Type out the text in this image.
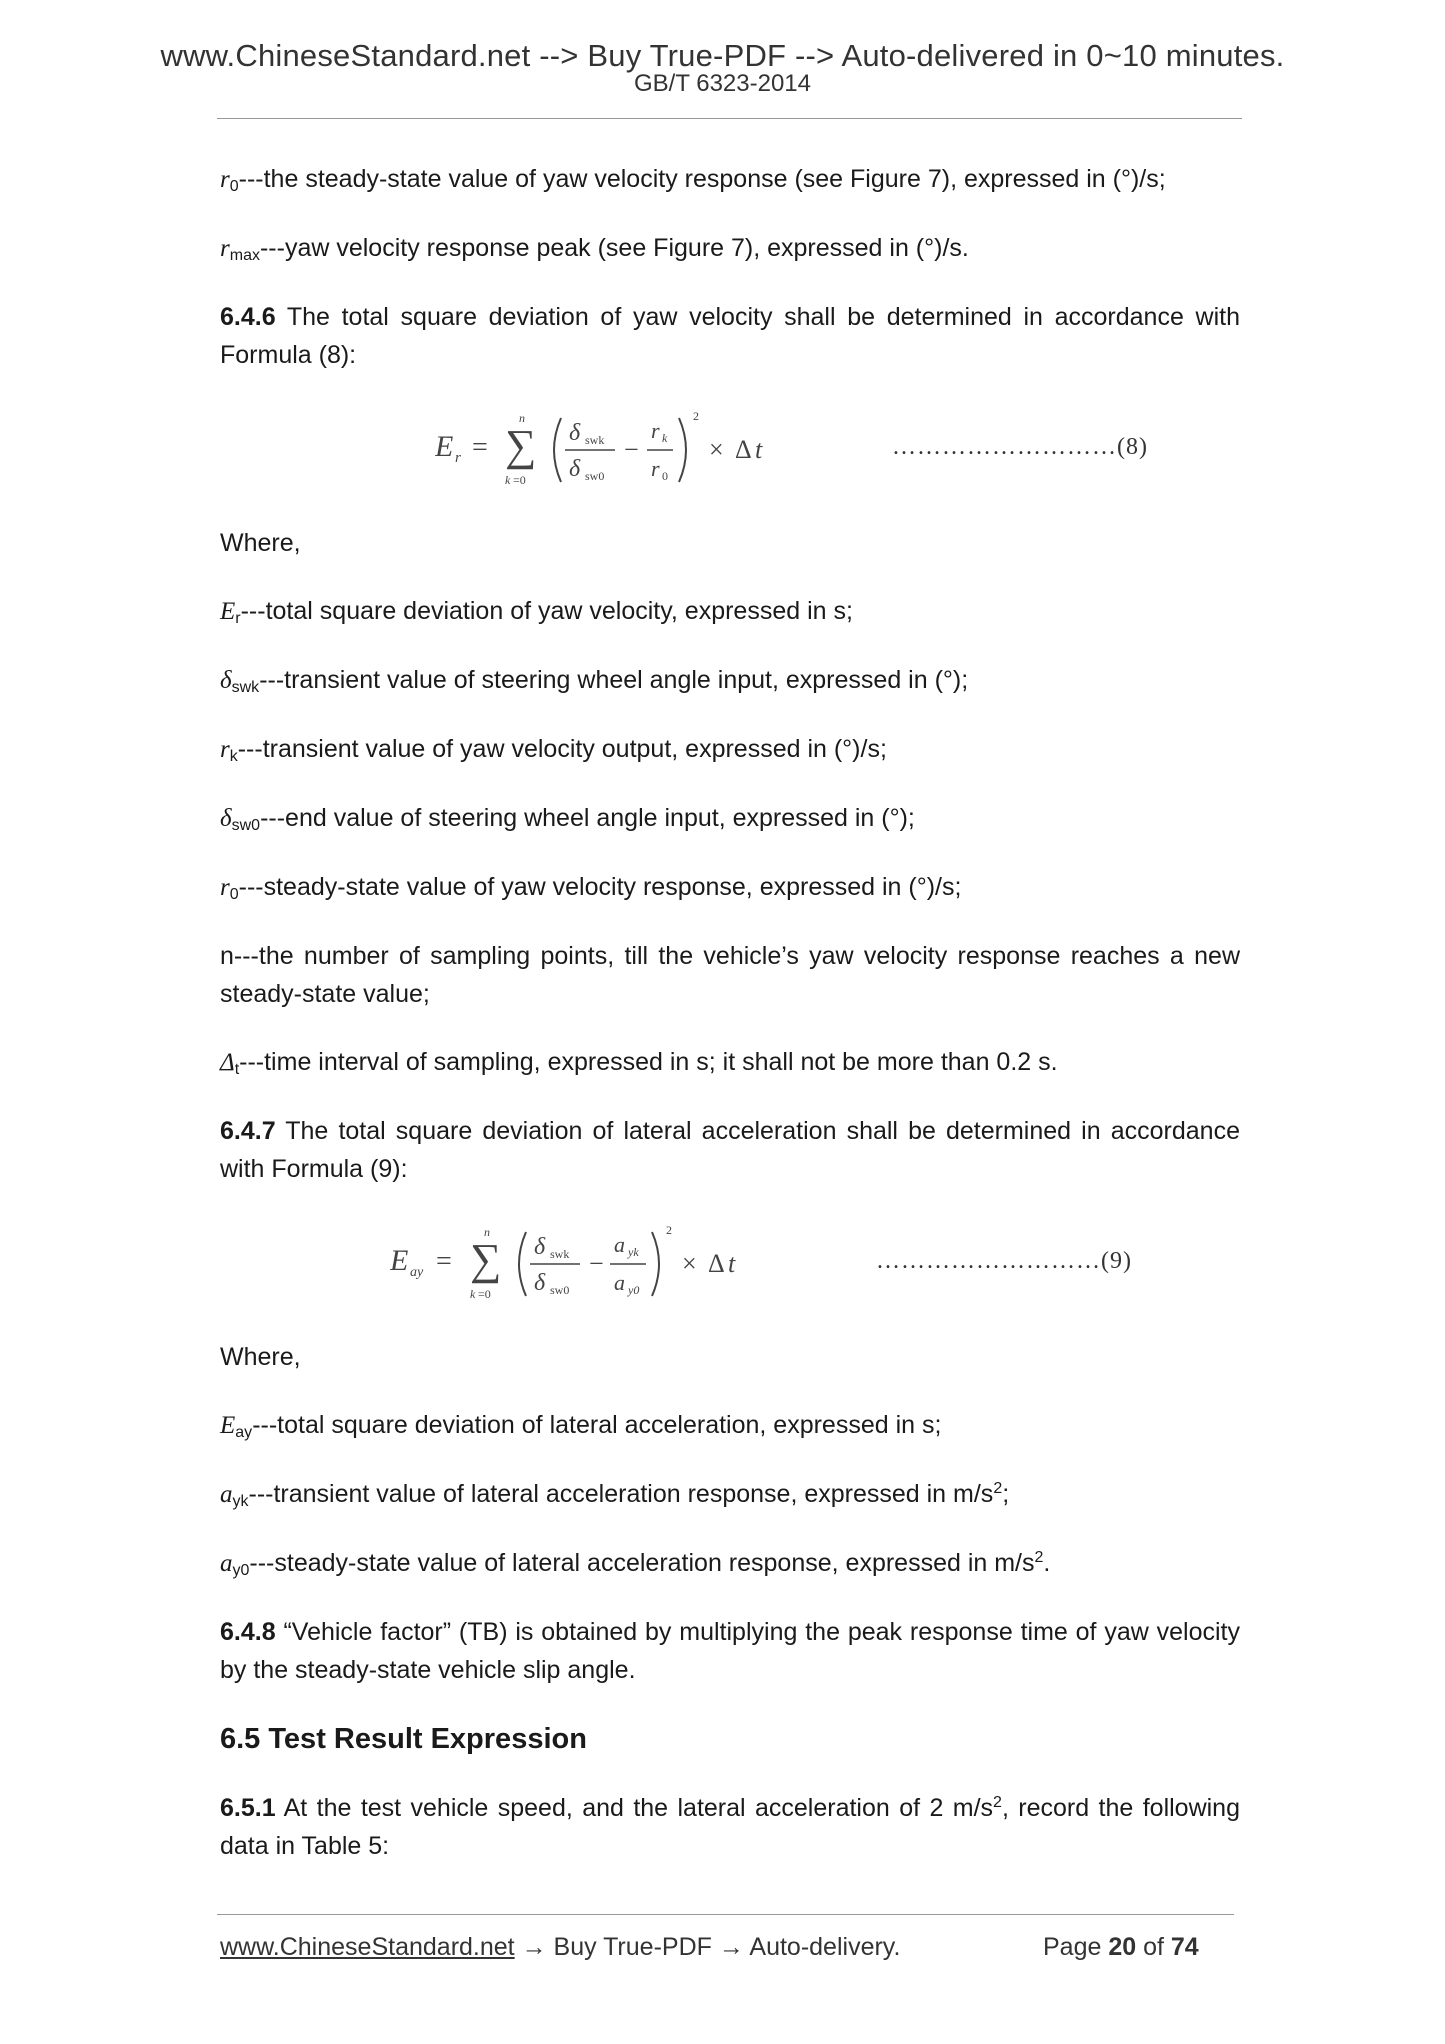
www.ChineseStandard.net --> Buy True-PDF --> Auto-delivered in 0~10 minutes.
GB/T 6323-2014

$r_0--$-the steady-state value of yaw velocity response (see Figure 7), expressed in (°)/s;

$r_{max}--$-yaw velocity response peak (see Figure 7), expressed in (°)/s.

6.4.6 The total square deviation of yaw velocity shall be determined in accordance with Formula (8):

E r = ∑
n
k =0
δ swk
δ sw0
−
r k
r 0
2
× Δ t	………………………(8)

Where,

$E_r--$-total square deviation of yaw velocity, expressed in s;

$\delta_{swk}--$-transient value of steering wheel angle input, expressed in (°);

$r_k--$-transient value of yaw velocity output, expressed in (°)/s;

$\delta_{sw0}--$-end value of steering wheel angle input, expressed in (°);

$r_0---steady$-state value of yaw velocity response, expressed in (°)/s;

n---the number of sampling points, till the vehicle’s yaw velocity response reaches a new steady-state value;

$\Delta_t--$-time interval of sampling, expressed in s; it shall not be more than 0.2 s.

6.4.7 The total square deviation of lateral acceleration shall be determined in accordance with Formula (9):

E ay = ∑
n
k =0
δ swk
δ sw0
−
a yk
a y0
2
× Δ t	………………………(9)

Where,

$E_{ay}--$-total square deviation of lateral acceleration, expressed in s;

$a_{yk}--$-transient value of lateral acceleration response, expressed in $m/s^2$;

$a_{y0}---steady$-state value of lateral acceleration response, expressed in $m/s^2$.

6.4.8 “Vehicle factor” (TB) is obtained by multiplying the peak response time of yaw velocity by the steady-state vehicle slip angle.

6.5 Test Result Expression

6.5.1 At the test vehicle speed, and the lateral acceleration of 2 $m/s^2$, record the following data in Table 5:

www.ChineseStandard.net → Buy True-PDF → Auto-delivery.	Page 20 of 74
